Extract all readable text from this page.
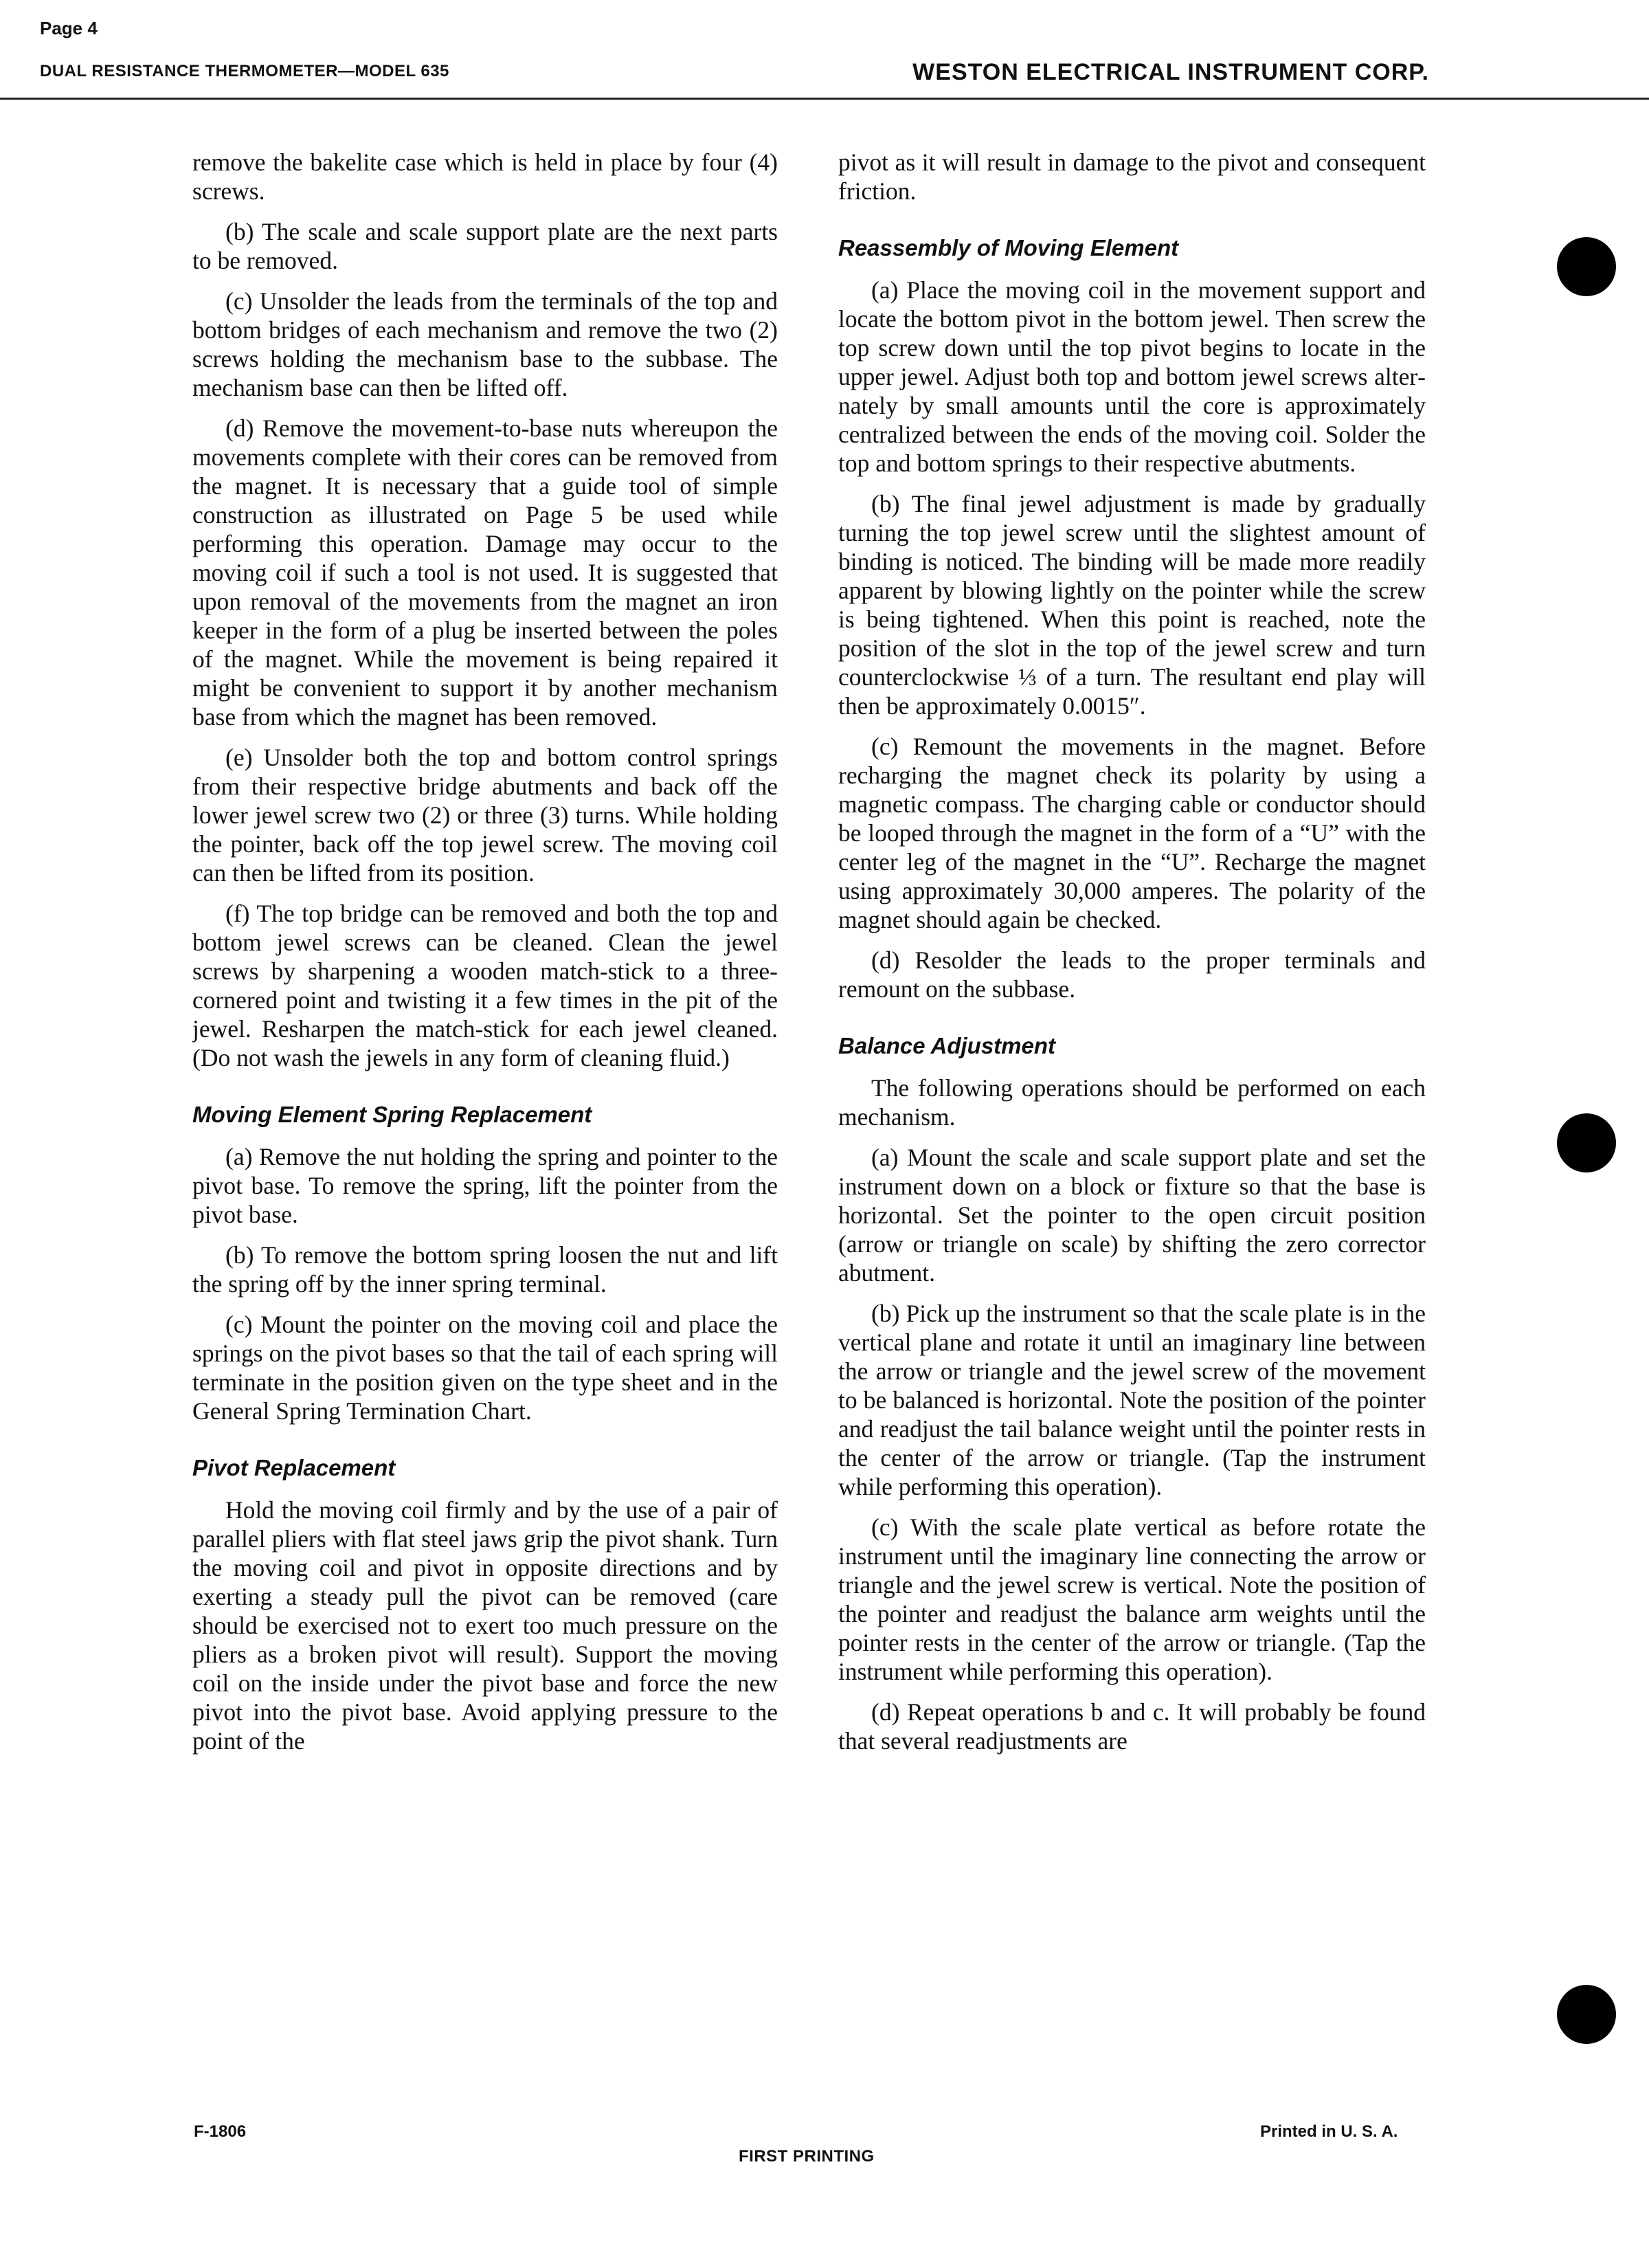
Page 4
DUAL RESISTANCE THERMOMETER—MODEL 635	WESTON ELECTRICAL INSTRUMENT CORP.

remove the bakelite case which is held in place by four (4) screws.

(b) The scale and scale support plate are the next parts to be removed.

(c) Unsolder the leads from the terminals of the top and bottom bridges of each mechanism and remove the two (2) screws holding the mechanism base to the subbase. The mechanism base can then be lifted off.

(d) Remove the movement-to-base nuts whereupon the movements complete with their cores can be removed from the magnet. It is necessary that a guide tool of simple construction as illustrated on Page 5 be used while performing this operation. Damage may occur to the moving coil if such a tool is not used. It is suggested that upon removal of the movements from the magnet an iron keeper in the form of a plug be inserted between the poles of the magnet. While the movement is being repaired it might be convenient to support it by another mechanism base from which the magnet has been removed.

(e) Unsolder both the top and bottom control springs from their respective bridge abutments and back off the lower jewel screw two (2) or three (3) turns. While holding the pointer, back off the top jewel screw. The moving coil can then be lifted from its position.

(f) The top bridge can be removed and both the top and bottom jewel screws can be cleaned. Clean the jewel screws by sharpening a wooden match-stick to a three-cornered point and twisting it a few times in the pit of the jewel. Resharpen the match-stick for each jewel cleaned. (Do not wash the jewels in any form of cleaning fluid.)

Moving Element Spring Replacement

(a) Remove the nut holding the spring and pointer to the pivot base. To remove the spring, lift the pointer from the pivot base.

(b) To remove the bottom spring loosen the nut and lift the spring off by the inner spring terminal.

(c) Mount the pointer on the moving coil and place the springs on the pivot bases so that the tail of each spring will terminate in the position given on the type sheet and in the General Spring Termination Chart.

Pivot Replacement

Hold the moving coil firmly and by the use of a pair of parallel pliers with flat steel jaws grip the pivot shank. Turn the moving coil and pivot in opposite directions and by exerting a steady pull the pivot can be removed (care should be exercised not to exert too much pressure on the pliers as a broken pivot will result). Support the moving coil on the inside under the pivot base and force the new pivot into the pivot base. Avoid applying pressure to the point of the

pivot as it will result in damage to the pivot and consequent friction.

Reassembly of Moving Element

(a) Place the moving coil in the movement support and locate the bottom pivot in the bottom jewel. Then screw the top screw down until the top pivot begins to locate in the upper jewel. Adjust both top and bottom jewel screws alternately by small amounts until the core is approximately centralized between the ends of the moving coil. Solder the top and bottom springs to their respective abutments.

(b) The final jewel adjustment is made by gradually turning the top jewel screw until the slightest amount of binding is noticed. The binding will be made more readily apparent by blowing lightly on the pointer while the screw is being tightened. When this point is reached, note the position of the slot in the top of the jewel screw and turn counterclockwise ⅓ of a turn. The resultant end play will then be approximately 0.0015″.

(c) Remount the movements in the magnet. Before recharging the magnet check its polarity by using a magnetic compass. The charging cable or conductor should be looped through the magnet in the form of a “U” with the center leg of the magnet in the “U”. Recharge the magnet using approximately 30,000 amperes. The polarity of the magnet should again be checked.

(d) Resolder the leads to the proper terminals and remount on the subbase.

Balance Adjustment

The following operations should be performed on each mechanism.

(a) Mount the scale and scale support plate and set the instrument down on a block or fixture so that the base is horizontal. Set the pointer to the open circuit position (arrow or triangle on scale) by shifting the zero corrector abutment.

(b) Pick up the instrument so that the scale plate is in the vertical plane and rotate it until an imaginary line between the arrow or triangle and the jewel screw of the movement to be balanced is horizontal. Note the position of the pointer and readjust the tail balance weight until the pointer rests in the center of the arrow or triangle. (Tap the instrument while performing this operation).

(c) With the scale plate vertical as before rotate the instrument until the imaginary line connecting the arrow or triangle and the jewel screw is vertical. Note the position of the pointer and readjust the balance arm weights until the pointer rests in the center of the arrow or triangle. (Tap the instrument while performing this operation).

(d) Repeat operations b and c. It will probably be found that several readjustments are

F-1806
FIRST PRINTING
Printed in U. S. A.
